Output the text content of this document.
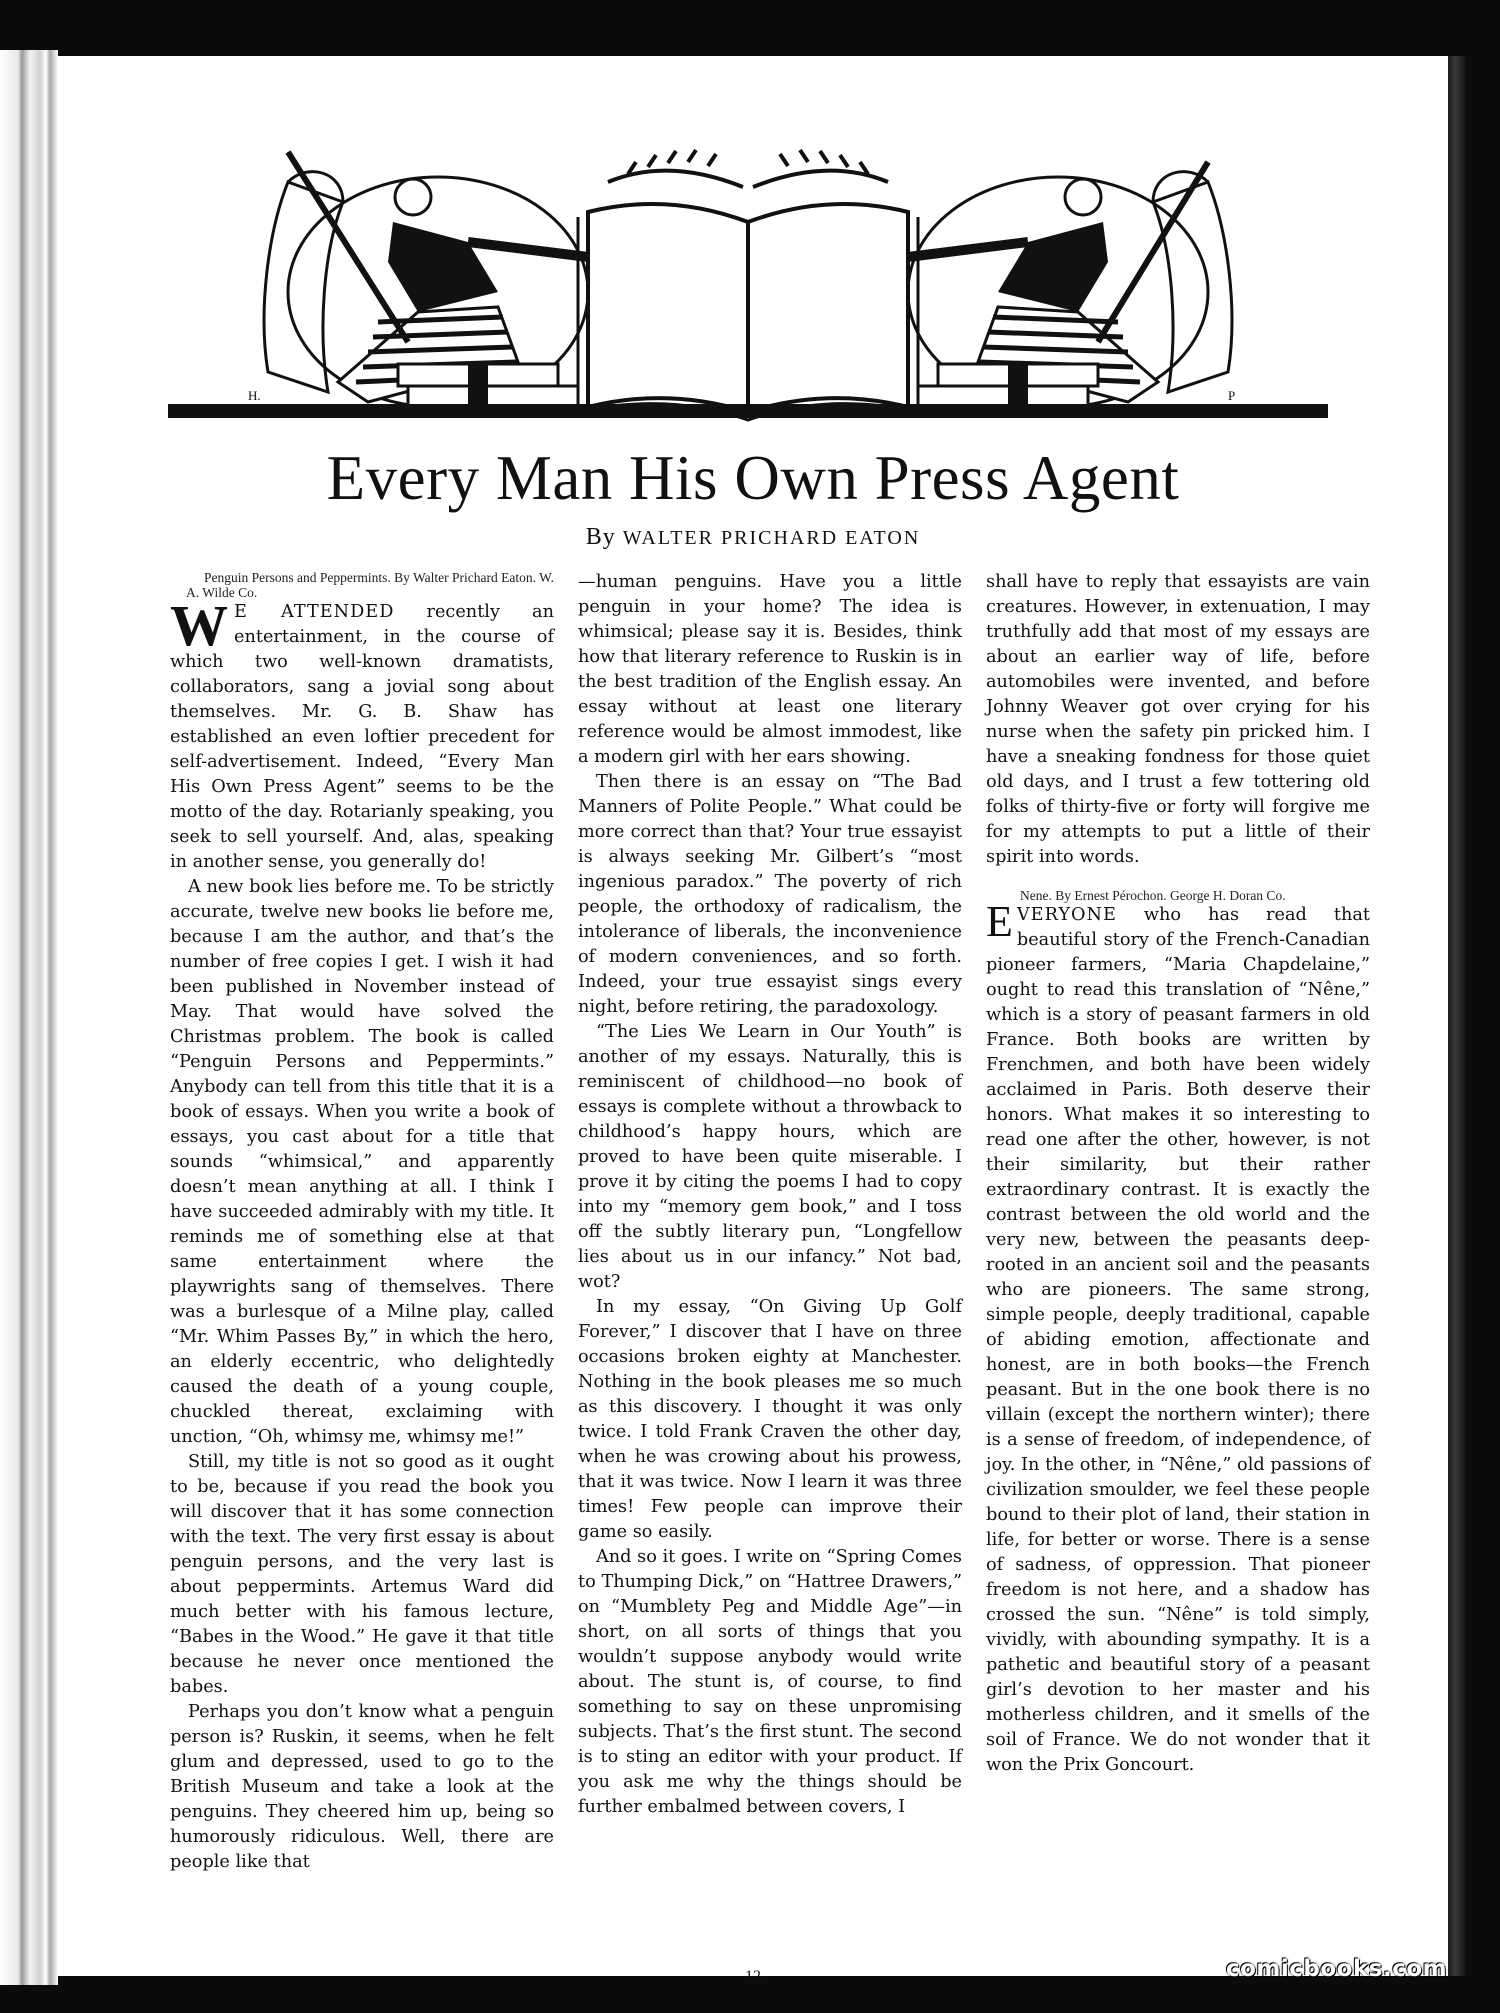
H.	P
Every Man His Own Press Agent
By WALTER PRICHARD EATON

Penguin Persons and Peppermints. By Walter Prichard Eaton. W. A. Wilde Co.

W E ATTENDED recently an entertainment, in the course of which two well-known dramatists, collaborators, sang a jovial song about themselves. Mr. G. B. Shaw has established an even loftier precedent for self-advertisement. Indeed, “Every Man His Own Press Agent” seems to be the motto of the day. Rotarianly speaking, you seek to sell yourself. And, alas, speaking in another sense, you generally do!

A new book lies before me. To be strictly accurate, twelve new books lie before me, because I am the author, and that’s the number of free copies I get. I wish it had been published in November instead of May. That would have solved the Christmas problem. The book is called “Penguin Persons and Peppermints.” Anybody can tell from this title that it is a book of essays. When you write a book of essays, you cast about for a title that sounds “whimsical,” and apparently doesn’t mean anything at all. I think I have succeeded admirably with my title. It reminds me of something else at that same entertainment where the playwrights sang of themselves. There was a burlesque of a Milne play, called “Mr. Whim Passes By,” in which the hero, an elderly eccentric, who delightedly caused the death of a young couple, chuckled thereat, exclaiming with unction, “Oh, whimsy me, whimsy me!”

Still, my title is not so good as it ought to be, because if you read the book you will discover that it has some connection with the text. The very first essay is about penguin persons, and the very last is about peppermints. Artemus Ward did much better with his famous lecture, “Babes in the Wood.” He gave it that title because he never once mentioned the babes.

Perhaps you don’t know what a penguin person is? Ruskin, it seems, when he felt glum and depressed, used to go to the British Museum and take a look at the penguins. They cheered him up, being so humorously ridiculous. Well, there are people like that

—human penguins. Have you a little penguin in your home? The idea is whimsical; please say it is. Besides, think how that literary reference to Ruskin is in the best tradition of the English essay. An essay without at least one literary reference would be almost immodest, like a modern girl with her ears showing.

Then there is an essay on “The Bad Manners of Polite People.” What could be more correct than that? Your true essayist is always seeking Mr. Gilbert’s “most ingenious paradox.” The poverty of rich people, the orthodoxy of radicalism, the intolerance of liberals, the inconvenience of modern conveniences, and so forth. Indeed, your true essayist sings every night, before retiring, the paradoxology.

“The Lies We Learn in Our Youth” is another of my essays. Naturally, this is reminiscent of childhood—no book of essays is complete without a throwback to childhood’s happy hours, which are proved to have been quite miserable. I prove it by citing the poems I had to copy into my “memory gem book,” and I toss off the subtly literary pun, “Longfellow lies about us in our infancy.” Not bad, wot?

In my essay, “On Giving Up Golf Forever,” I discover that I have on three occasions broken eighty at Manchester. Nothing in the book pleases me so much as this discovery. I thought it was only twice. I told Frank Craven the other day, when he was crowing about his prowess, that it was twice. Now I learn it was three times! Few people can improve their game so easily.

And so it goes. I write on “Spring Comes to Thumping Dick,” on “Hattree Drawers,” on “Mumblety Peg and Middle Age”—in short, on all sorts of things that you wouldn’t suppose anybody would write about. The stunt is, of course, to find something to say on these unpromising subjects. That’s the first stunt. The second is to sting an editor with your product. If you ask me why the things should be further embalmed between covers, I

shall have to reply that essayists are vain creatures. However, in extenuation, I may truthfully add that most of my essays are about an earlier way of life, before automobiles were invented, and before Johnny Weaver got over crying for his nurse when the safety pin pricked him. I have a sneaking fondness for those quiet old days, and I trust a few tottering old folks of thirty-five or forty will forgive me for my attempts to put a little of their spirit into words.

Nene. By Ernest Pérochon. George H. Doran Co.

EVERYONE who has read that beautiful story of the French-Canadian pioneer farmers, “Maria Chapdelaine,” ought to read this translation of “Nêne,” which is a story of peasant farmers in old France. Both books are written by Frenchmen, and both have been widely acclaimed in Paris. Both deserve their honors. What makes it so interesting to read one after the other, however, is not their similarity, but their rather extraordinary contrast. It is exactly the contrast between the old world and the very new, between the peasants deep-rooted in an ancient soil and the peasants who are pioneers. The same strong, simple people, deeply traditional, capable of abiding emotion, affectionate and honest, are in both books—the French peasant. But in the one book there is no villain (except the northern winter); there is a sense of freedom, of independence, of joy. In the other, in “Nêne,” old passions of civilization smoulder, we feel these people bound to their plot of land, their station in life, for better or worse. There is a sense of sadness, of oppression. That pioneer freedom is not here, and a shadow has crossed the sun. “Nêne” is told simply, vividly, with abounding sympathy. It is a pathetic and beautiful story of a peasant girl’s devotion to her master and his motherless children, and it smells of the soil of France. We do not wonder that it won the Prix Goncourt.

12	comicbooks.com
